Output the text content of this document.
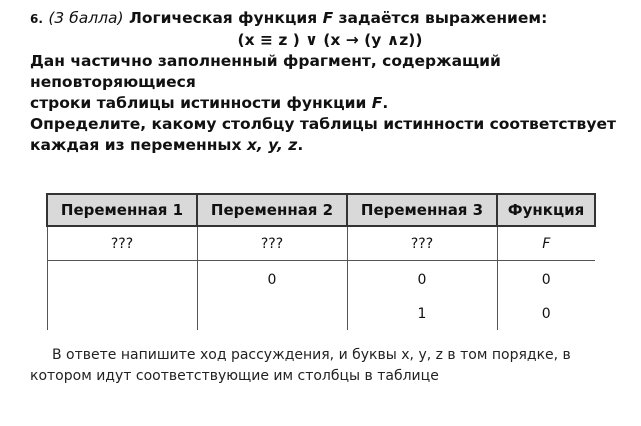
6. (3 балла) Логическая функция F задаётся выражением:
(x ≡ z ) ∨ (x → (y ∧z))
Дан частично заполненный фрагмент, содержащий
неповторяющиеся
строки таблицы истинности функции F.
Определите, какому столбцу таблицы истинности соответствует
каждая из переменных x, y, z.
Переменная 1	Переменная 2	Переменная 3	Функция
???	???	???	F
	0	0	0
		1	0
В ответе напишите ход рассуждения, и буквы x, y, z в том порядке, в
котором идут соответствующие им столбцы в таблице
